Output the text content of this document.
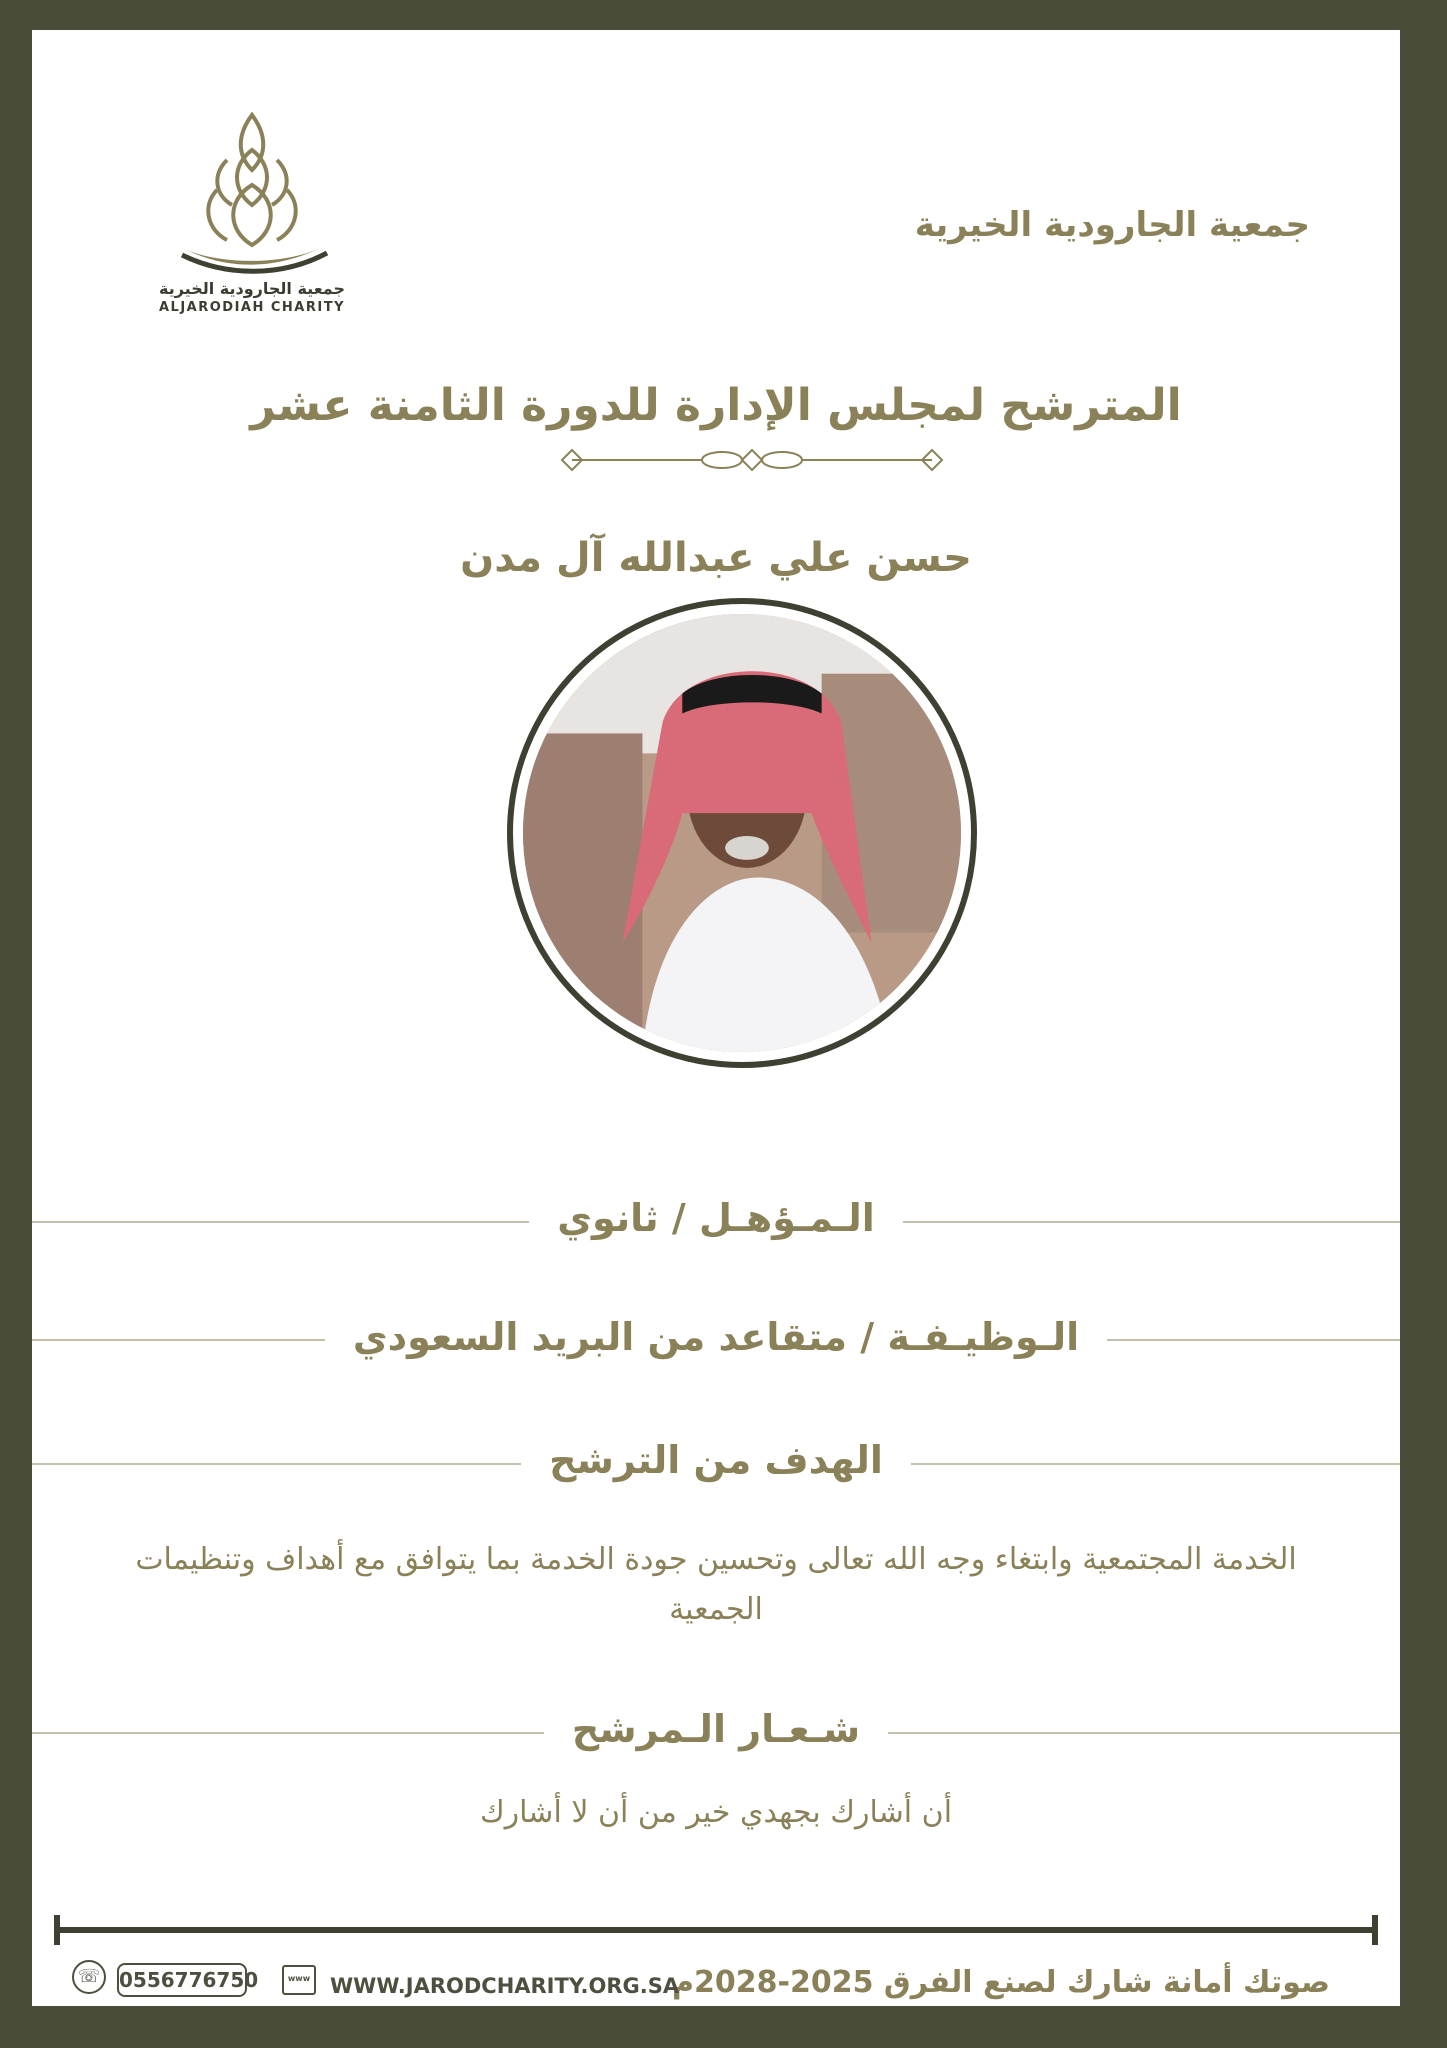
جمعية الجارودية الخيرية
ALJARODIAH CHARITY
جمعية الجارودية الخيرية
المترشح لمجلس الإدارة للدورة الثامنة عشر
حسن علي عبدالله آل مدن
الـمـؤهـل / ثانوي
الـوظيـفـة / متقاعد من البريد السعودي
الهدف من الترشح
الخدمة المجتمعية وابتغاء وجه الله تعالى وتحسين جودة الخدمة بما يتوافق مع أهداف وتنظيمات الجمعية
شـعـار الـمرشح
أن أشارك بجهدي خير من أن لا أشارك
صوتك أمانة شارك لصنع الفرق 2025-2028م
www WWW.JARODCHARITY.ORG.SA
0556776750
☏
